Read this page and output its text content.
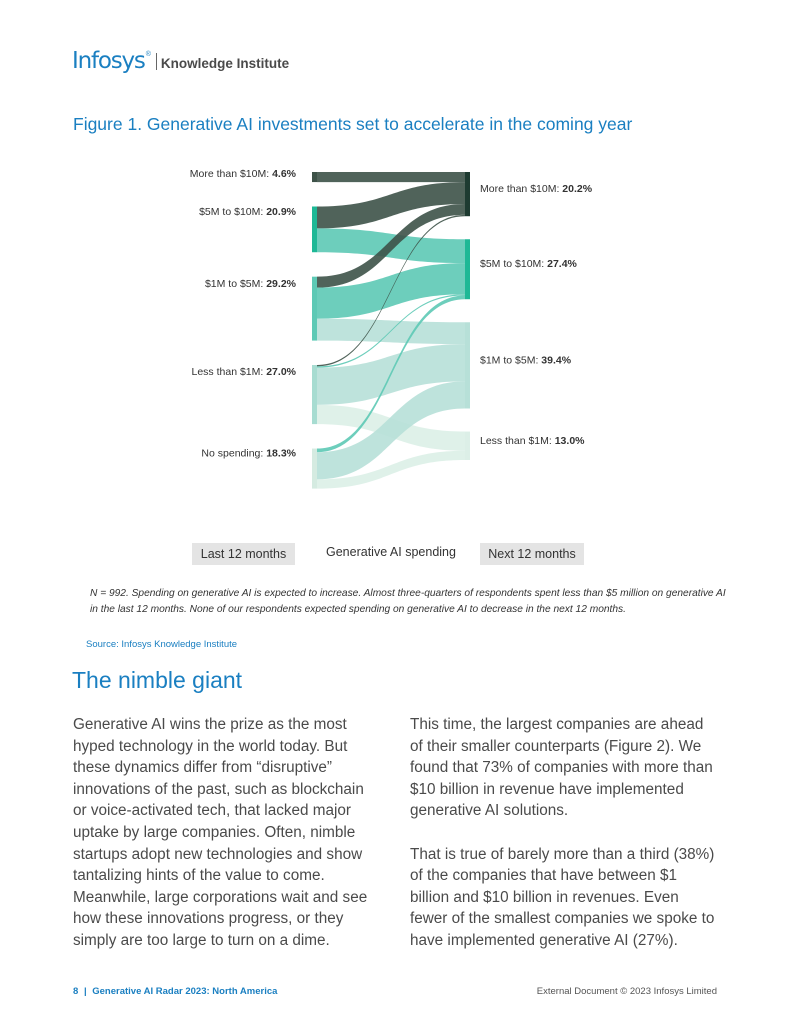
Infosys ®
Knowledge Institute
Figure 1. Generative AI investments set to accelerate in the coming year
More than $10M: 4.6%
$5M to $10M: 20.9%
$1M to $5M: 29.2%
Less than $1M: 27.0%
No spending: 18.3%
More than $10M: 20.2%
$5M to $10M: 27.4%
$1M to $5M: 39.4%
Less than $1M: 13.0%
Last 12 months	Generative AI spending	Next 12 months
N = 992. Spending on generative AI is expected to increase. Almost three-quarters of respondents spent less than $5 million on generative AI in the last 12 months. None of our respondents expected spending on generative AI to decrease in the next 12 months.
Source: Infosys Knowledge Institute
The nimble giant

Generative AI wins the prize as the most hyped technology in the world today. But these dynamics differ from “disruptive” innovations of the past, such as blockchain or voice-activated tech, that lacked major uptake by large companies. Often, nimble startups adopt new technologies and show tantalizing hints of the value to come. Meanwhile, large corporations wait and see how these innovations progress, or they simply are too large to turn on a dime.

This time, the largest companies are ahead of their smaller counterparts (Figure 2). We found that 73% of companies with more than $10 billion in revenue have implemented generative AI solutions.

That is true of barely more than a third (38%) of the companies that have between $1 billion and $10 billion in revenues. Even fewer of the smallest companies we spoke to have implemented generative AI (27%).

8 | Generative AI Radar 2023: North America	External Document © 2023 Infosys Limited
